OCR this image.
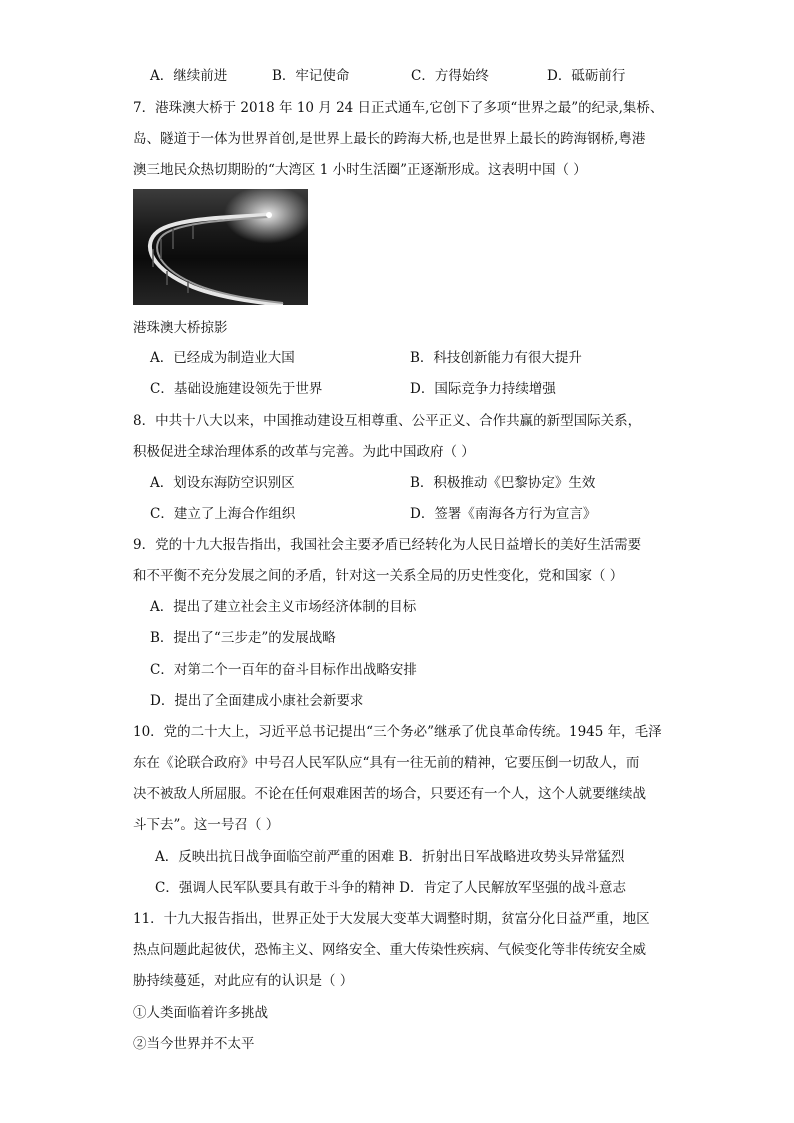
A．继续前进	B．牢记使命	C．方得始终	D．砥砺前行
7．港珠澳大桥于 2018 年 10 月 24 日正式通车,它创下了多项“世界之最”的纪录,集桥、
岛、隧道于一体为世界首创,是世界上最长的跨海大桥,也是世界上最长的跨海钢桥,粤港
澳三地民众热切期盼的“大湾区 1 小时生活圈”正逐渐形成。这表明中国（ ）
港珠澳大桥掠影
A．已经成为制造业大国	B．科技创新能力有很大提升
C．基础设施建设领先于世界	D．国际竞争力持续增强
8．中共十八大以来，中国推动建设互相尊重、公平正义、合作共赢的新型国际关系，
积极促进全球治理体系的改革与完善。为此中国政府（ ）
A．划设东海防空识别区	B．积极推动《巴黎协定》生效
C．建立了上海合作组织	D．签署《南海各方行为宣言》
9．党的十九大报告指出，我国社会主要矛盾已经转化为人民日益增长的美好生活需要
和不平衡不充分发展之间的矛盾，针对这一关系全局的历史性变化，党和国家（ ）
A．提出了建立社会主义市场经济体制的目标
B．提出了“三步走”的发展战略
C．对第二个一百年的奋斗目标作出战略安排
D．提出了全面建成小康社会新要求
10．党的二十大上，习近平总书记提出“三个务必”继承了优良革命传统。1945 年，毛泽
东在《论联合政府》中号召人民军队应“具有一往无前的精神，它要压倒一切敌人，而
决不被敌人所屈服。不论在任何艰难困苦的场合，只要还有一个人，这个人就要继续战
斗下去”。这一号召（ ）
A．反映出抗日战争面临空前严重的困难 B．折射出日军战略进攻势头异常猛烈
C．强调人民军队要具有敢于斗争的精神 D．肯定了人民解放军坚强的战斗意志
11．十九大报告指出，世界正处于大发展大变革大调整时期，贫富分化日益严重，地区
热点问题此起彼伏，恐怖主义、网络安全、重大传染性疾病、气候变化等非传统安全威
胁持续蔓延，对此应有的认识是（ ）
①人类面临着许多挑战
②当今世界并不太平
